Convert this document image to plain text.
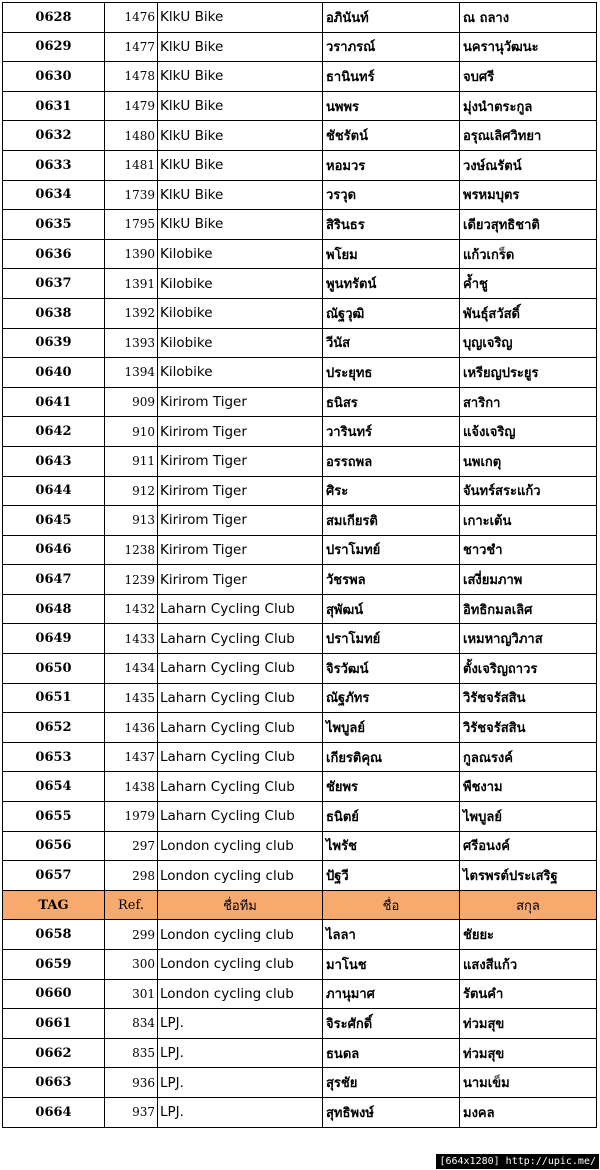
0628	1476	KlkU Bike	อภินันท์	ณ ถลาง
0629	1477	KlkU Bike	วราภรณ์	นครานุวัฒนะ
0630	1478	KlkU Bike	ธานินทร์	จบศรี
0631	1479	KlkU Bike	นพพร	มุ่งนำตระกูล
0632	1480	KlkU Bike	ชัชรัตน์	อรุณเลิศวิทยา
0633	1481	KlkU Bike	หอมวร	วงษ์ณรัตน์
0634	1739	KlkU Bike	วรวุด	พรหมบุตร
0635	1795	KlkU Bike	สิรินธร	เดียวสุทธิชาติ
0636	1390	Kilobike	พโยม	แก้วเกร็ด
0637	1391	Kilobike	พูนทรัตน์	ค้ำชู
0638	1392	Kilobike	ณัฐวุฒิ	พันธุ์สวัสดิ์
0639	1393	Kilobike	วีนัส	บุญเจริญ
0640	1394	Kilobike	ประยุทธ	เหรียญประยูร
0641	909	Kirirom Tiger	ธนิสร	สาริกา
0642	910	Kirirom Tiger	วารินทร์	แจ้งเจริญ
0643	911	Kirirom Tiger	อรรถพล	นพเกตุ
0644	912	Kirirom Tiger	ศิระ	จันทร์สระแก้ว
0645	913	Kirirom Tiger	สมเกียรติ	เกาะเต้น
0646	1238	Kirirom Tiger	ปราโมทย์	ชาวชำ
0647	1239	Kirirom Tiger	วัชรพล	เสงี่ยมภาพ
0648	1432	Laharn Cycling Club	สุพัฒน์	อิทธิกมลเลิศ
0649	1433	Laharn Cycling Club	ปราโมทย์	เหมหาญวิภาส
0650	1434	Laharn Cycling Club	จิรวัฒน์	ตั้งเจริญถาวร
0651	1435	Laharn Cycling Club	ณัฐภัทร	วิรัชจรัสสิน
0652	1436	Laharn Cycling Club	ไพบูลย์	วิรัชจรัสสิน
0653	1437	Laharn Cycling Club	เกียรติคุณ	กูลณรงค์
0654	1438	Laharn Cycling Club	ชัยพร	พืชงาม
0655	1979	Laharn Cycling Club	ธนิตย์	ไพบูลย์
0656	297	London cycling club	ไพรัช	ศรีอนงค์
0657	298	London cycling club	ปัฐวี	ไตรพรต์ประเสริฐ
TAG	Ref.	ชื่อทีม	ชื่อ	สกุล
0658	299	London cycling club	ไลลา	ชัยยะ
0659	300	London cycling club	มาโนช	แสงสีแก้ว
0660	301	London cycling club	ภานุมาศ	รัตนคำ
0661	834	LPJ.	จิระศักดิ์	ท่วมสุข
0662	835	LPJ.	ธนดล	ท่วมสุข
0663	936	LPJ.	สุรชัย	นามเข็ม
0664	937	LPJ.	สุทธิพงษ์	มงคล
[664x1280] http://upic.me/
